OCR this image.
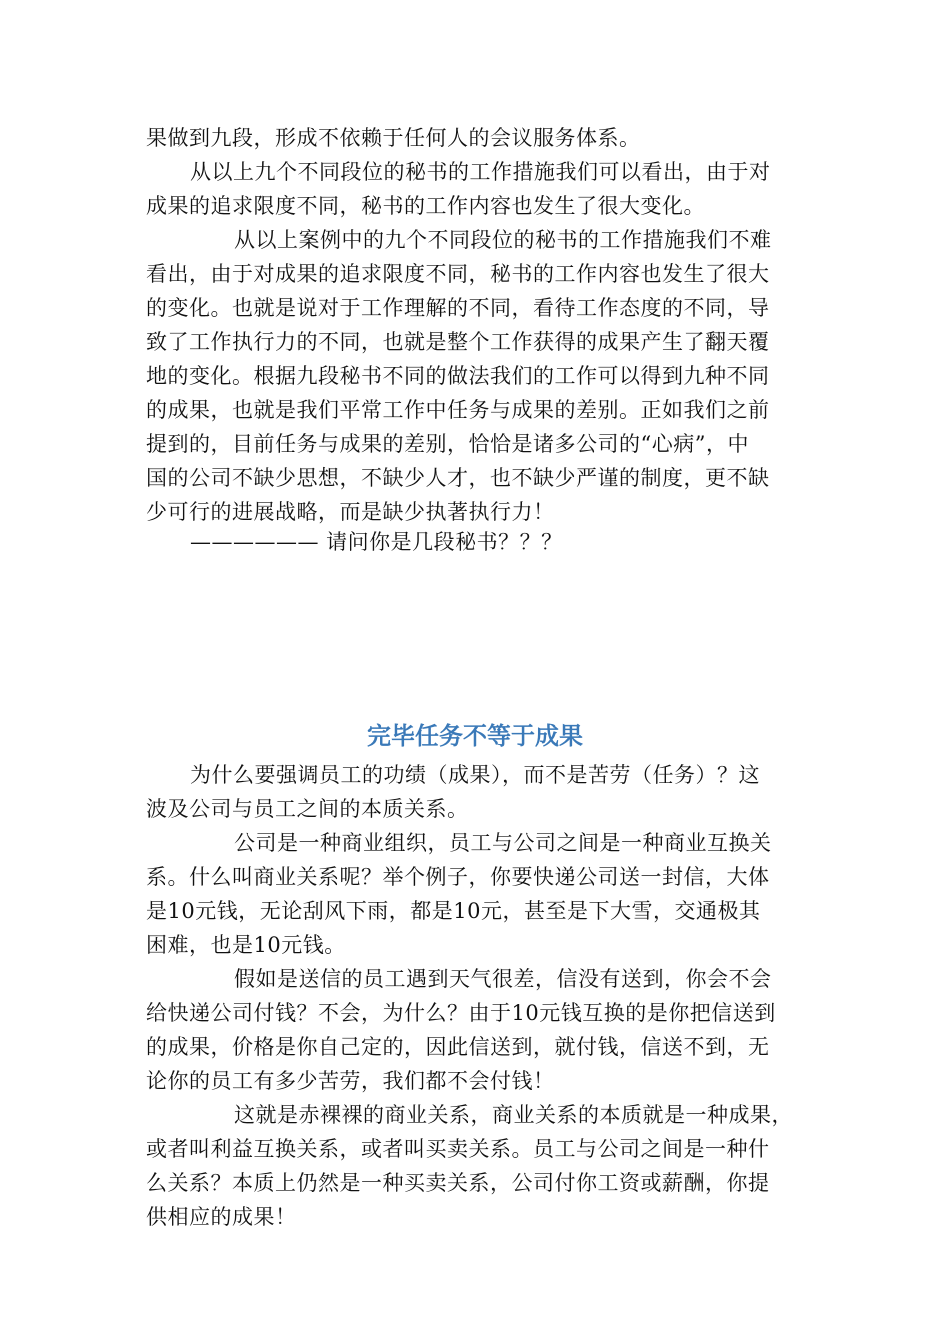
果做到九段，形成不依赖于任何人的会议服务体系。
从以上九个不同段位的秘书的工作措施我们可以看出，由于对
成果的追求限度不同，秘书的工作内容也发生了很大变化。
从以上案例中的九个不同段位的秘书的工作措施我们不难
看出，由于对成果的追求限度不同，秘书的工作内容也发生了很大
的变化。也就是说对于工作理解的不同，看待工作态度的不同，导
致了工作执行力的不同，也就是整个工作获得的成果产生了翻天覆
地的变化。根据九段秘书不同的做法我们的工作可以得到九种不同
的成果，也就是我们平常工作中任务与成果的差别。正如我们之前
提到的，目前任务与成果的差别，恰恰是诸多公司的“心病”，中
国的公司不缺少思想，不缺少人才，也不缺少严谨的制度，更不缺
少可行的进展战略，而是缺少执著执行力！
—————— 请问你是几段秘书？？？
完毕任务不等于成果
为什么要强调员工的功绩（成果），而不是苦劳（任务）？这
波及公司与员工之间的本质关系。
公司是一种商业组织，员工与公司之间是一种商业互换关
系。什么叫商业关系呢？举个例子，你要快递公司送一封信，大体
是10元钱，无论刮风下雨，都是10元，甚至是下大雪，交通极其
困难，也是10元钱。
假如是送信的员工遇到天气很差，信没有送到，你会不会
给快递公司付钱？不会，为什么？由于10元钱互换的是你把信送到
的成果，价格是你自己定的，因此信送到，就付钱，信送不到，无
论你的员工有多少苦劳，我们都不会付钱！
这就是赤裸裸的商业关系，商业关系的本质就是一种成果，
或者叫利益互换关系，或者叫买卖关系。员工与公司之间是一种什
么关系？本质上仍然是一种买卖关系，公司付你工资或薪酬，你提
供相应的成果！
